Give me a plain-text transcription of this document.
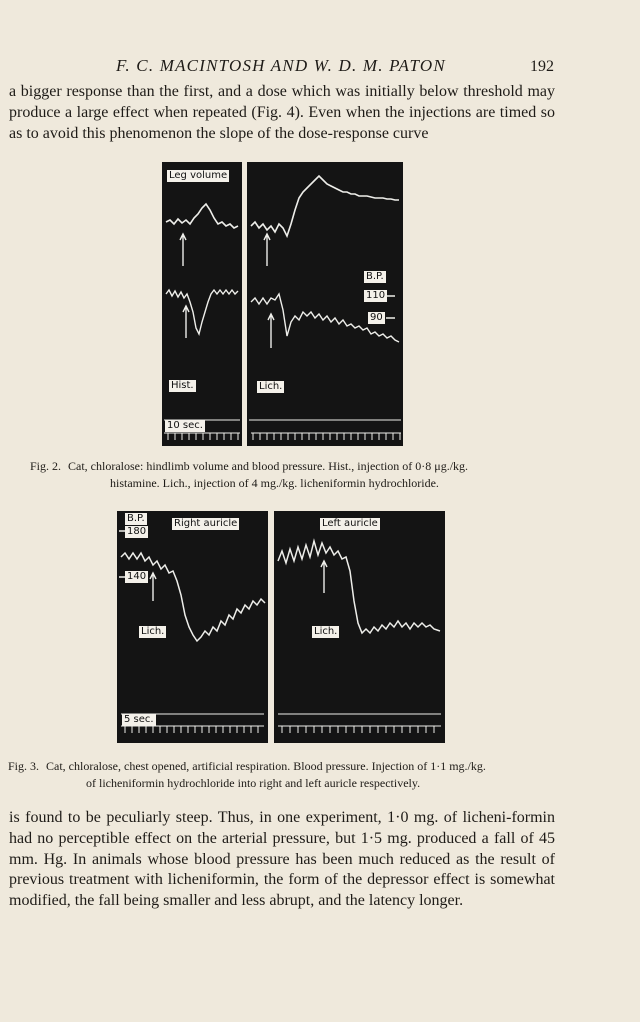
F. C. MACINTOSH AND W. D. M. PATON	192

a bigger response than the first, and a dose which was initially below threshold may produce a large effect when repeated (Fig. 4). Even when the injections are timed so as to avoid this phenomenon the slope of the dose-response curve

Leg volume
Hist.
10 sec.
B.P.
110
90
Lich.

Fig. 2. Cat, chloralose: hindlimb volume and blood pressure. Hist., injection of 0·8 μg./kg.
histamine. Lich., injection of 4 mg./kg. licheniformin hydrochloride.

B.P.
180
140
Right auricle
Lich.
5 sec.
Left auricle
Lich.

Fig. 3. Cat, chloralose, chest opened, artificial respiration. Blood pressure. Injection of 1·1 mg./kg.
of licheniformin hydrochloride into right and left auricle respectively.

is found to be peculiarly steep. Thus, in one experiment, 1·0 mg. of licheni-formin had no perceptible effect on the arterial pressure, but 1·5 mg. produced a fall of 45 mm. Hg. In animals whose blood pressure has been much reduced as the result of previous treatment with licheniformin, the form of the depressor effect is somewhat modified, the fall being smaller and less abrupt, and the latency longer.
